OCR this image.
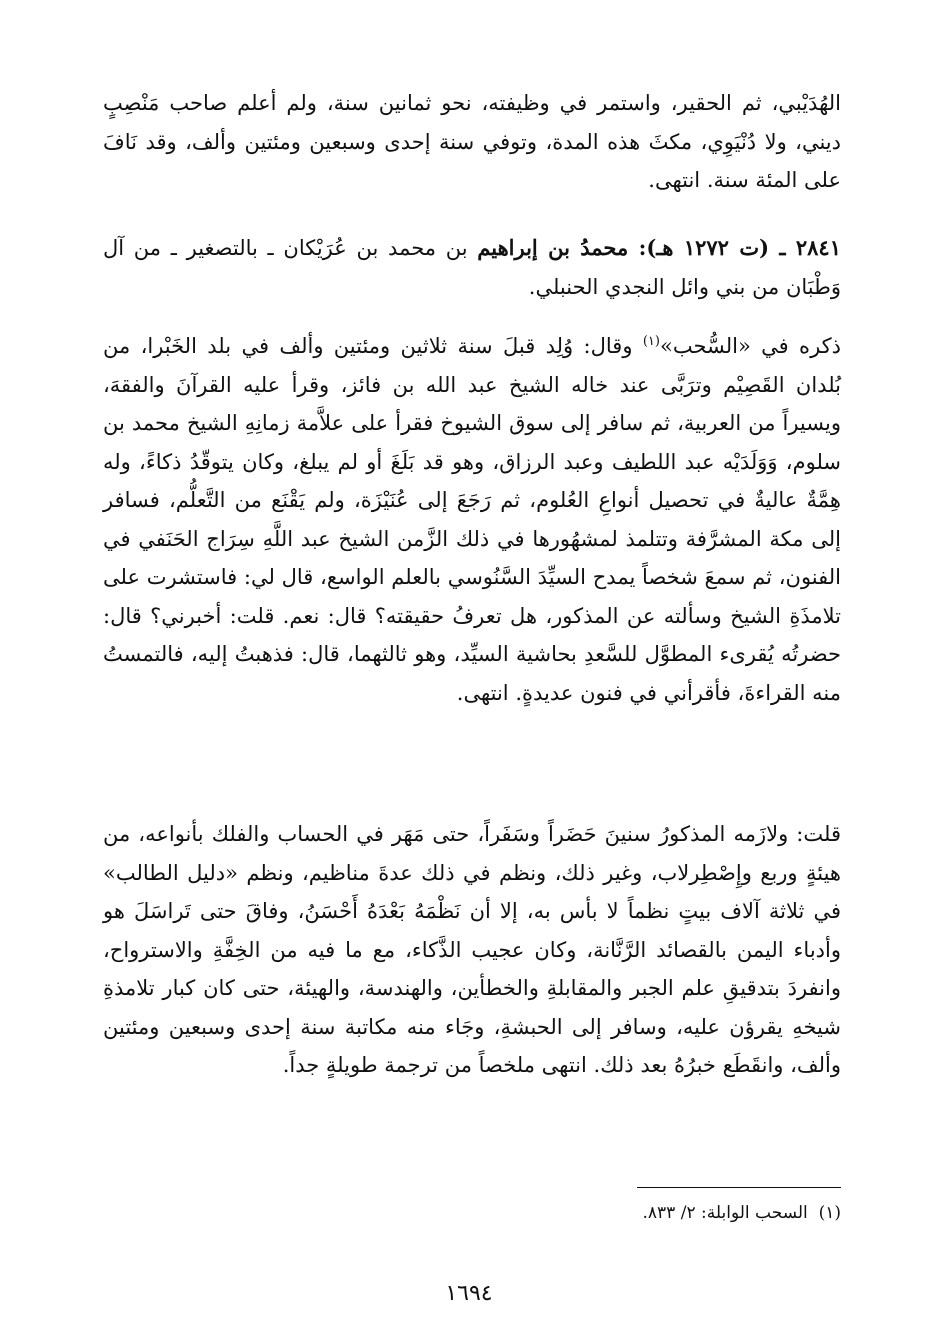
الهُدَيْبي، ثم الحقير، واستمر في وظيفته، نحو ثمانين سنة، ولم أعلم صاحب مَنْصِبٍ ديني، ولا دُنْيَوِي، مكثَ هذه المدة، وتوفي سنة إحدى وسبعين ومئتين وألف، وقد نَافَ على المئة سنة. انتهى.

٢٨٤١ ـ (ت ١٢٧٢ هـ): محمدُ بن إبراهيم بن محمد بن عُرَيْكان ـ بالتصغير ـ من آل وَطْبَان من بني وائل النجدي الحنبلي.

ذكره في «السُّحب»$^{(١)}$ وقال: وُلِد قبلَ سنة ثلاثين ومئتين وألف في بلد الخَبْرا، من بُلدان القَصِيْم وترَبَّى عند خاله الشيخ عبد الله بن فائز، وقرأ عليه القرآنَ والفقهَ، ويسيراً من العربية، ثم سافر إلى سوق الشيوخ فقرأ على علاَّمة زمانِهِ الشيخ محمد بن سلوم، وَوَلَدَيْه عبد اللطيف وعبد الرزاق، وهو قد بَلَغَ أو لم يبلغ، وكان يتوقّدُ ذكاءً، وله هِمَّةٌ عاليةٌ في تحصيل أنواعِ العُلوم، ثم رَجَعَ إلى عُنَيْزَة، ولم يَقْنَع من التَّعلُّم، فسافر إلى مكة المشرَّفة وتتلمذ لمشهُورها في ذلك الزَّمن الشيخ عبد اللَّهِ سِرَاج الحَنَفي في الفنون، ثم سمعَ شخصاً يمدح السيِّدَ السَّنُوسي بالعلم الواسع، قال لي: فاستشرت على تلامذَةِ الشيخ وسألته عن المذكور، هل تعرفُ حقيقته؟ قال: نعم. قلت: أخبرني؟ قال: حضرتُه يُقرىء المطوَّل للسَّعدِ بحاشية السيِّد، وهو ثالثهما، قال: فذهبتُ إليه، فالتمستُ منه القراءةَ، فأقرأني في فنون عديدةٍ. انتهى.

قلت: ولازَمه المذكورُ سنينَ حَضَراً وسَفَراً، حتى مَهَر في الحساب والفلك بأنواعه، من هيئةٍ وربع وإِصْطِرلاب، وغير ذلك، ونظم في ذلك عدةَ مناظيم، ونظم «دليل الطالب» في ثلاثة آلاف بيتٍ نظماً لا بأس به، إلا أن نَظْمَهُ بَعْدَهُ أَحْسَنُ، وفاقَ حتى تَراسَلَ هو وأدباء اليمن بالقصائد الرَّنَّانة، وكان عجيب الذَّكاء، مع ما فيه من الخِفَّةِ والاسترواح، وانفردَ بتدقيقِ علم الجبر والمقابلةِ والخطأين، والهندسة، والهيئة، حتى كان كبار تلامذةِ شيخهِ يقرؤن عليه، وسافر إلى الحبشةِ، وجَاء منه مكاتبة سنة إحدى وسبعين ومئتين وألف، وانقَطَع خبرُهُ بعد ذلك. انتهى ملخصاً من ترجمة طويلةٍ جداً.

(١)  السحب الوابلة: ٢/ ٨٣٣.

١٦٩٤
